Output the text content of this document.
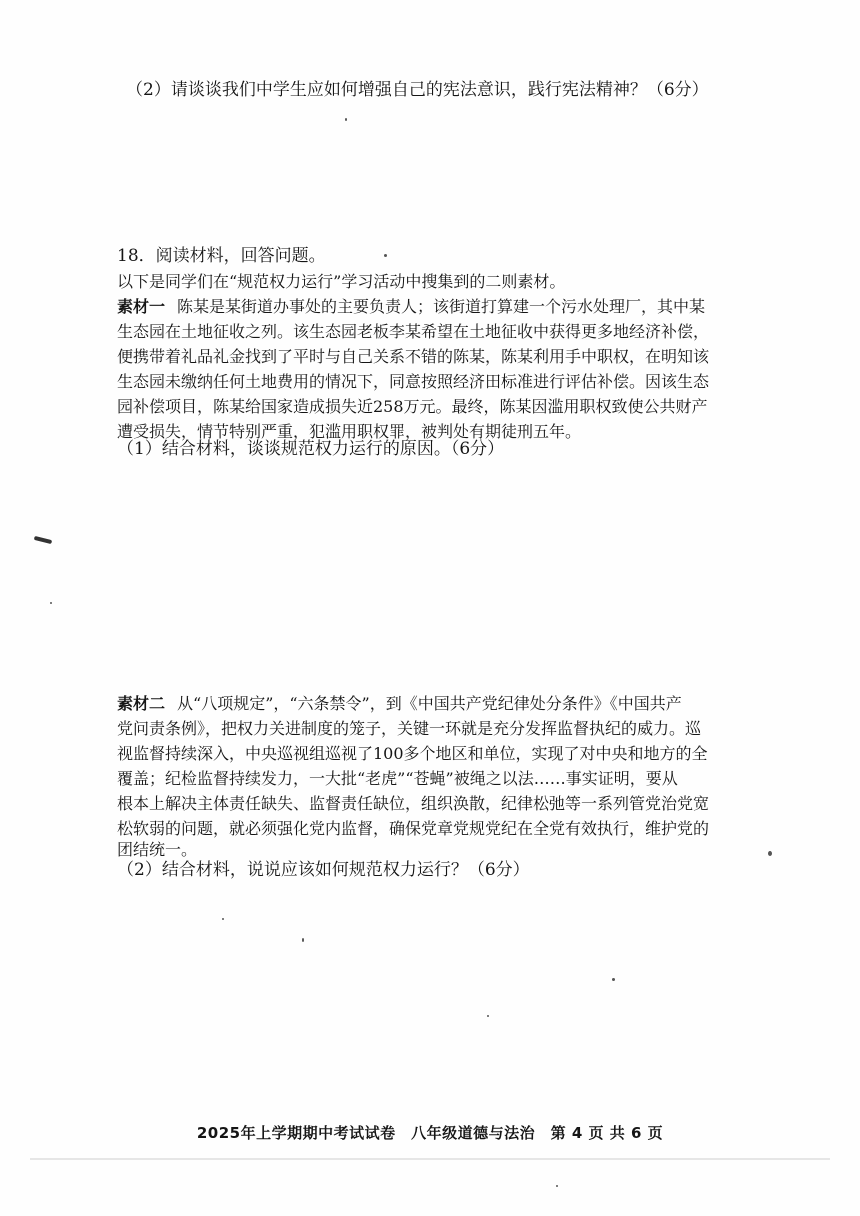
（2）请谈谈我们中学生应如何增强自己的宪法意识，践行宪法精神？（6分）
18．阅读材料，回答问题。
以下是同学们在“规范权力运行”学习活动中搜集到的二则素材。
素材一 陈某是某街道办事处的主要负责人；该街道打算建一个污水处理厂，其中某
生态园在土地征收之列。该生态园老板李某希望在土地征收中获得更多地经济补偿，
便携带着礼品礼金找到了平时与自己关系不错的陈某，陈某利用手中职权，在明知该
生态园未缴纳任何土地费用的情况下，同意按照经济田标准进行评估补偿。因该生态
园补偿项目，陈某给国家造成损失近258万元。最终，陈某因滥用职权致使公共财产
遭受损失，情节特别严重，犯滥用职权罪，被判处有期徒刑五年。
（1）结合材料，谈谈规范权力运行的原因。（6分）
素材二 从“八项规定”，“六条禁令”，到《中国共产党纪律处分条件》《中国共产
党问责条例》，把权力关进制度的笼子，关键一环就是充分发挥监督执纪的威力。巡
视监督持续深入，中央巡视组巡视了100多个地区和单位，实现了对中央和地方的全
覆盖；纪检监督持续发力，一大批“老虎”“苍蝇”被绳之以法……事实证明，要从
根本上解决主体责任缺失、监督责任缺位，组织涣散，纪律松弛等一系列管党治党宽
松软弱的问题，就必须强化党内监督，确保党章党规党纪在全党有效执行，维护党的
团结统一。
（2）结合材料，说说应该如何规范权力运行？（6分）
2025年上学期期中考试试卷　八年级道德与法治　第 4 页 共 6 页
